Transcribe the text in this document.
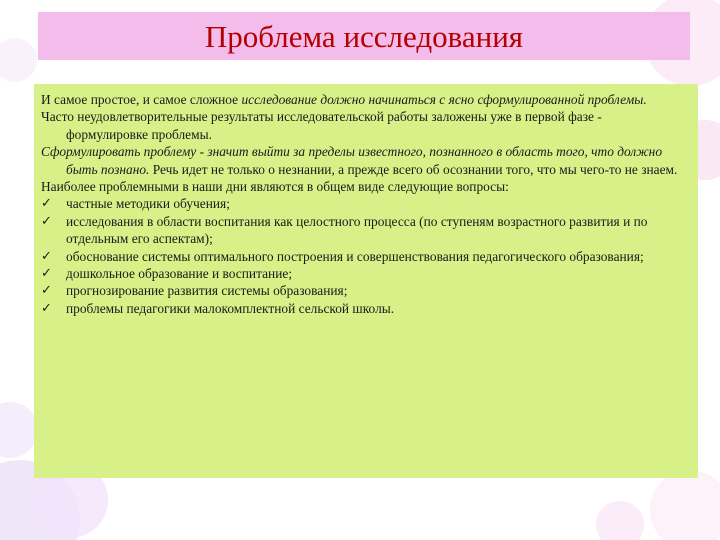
Проблема исследования

И самое простое, и самое сложное исследование должно начинаться с ясно сформулированной проблемы.

Часто неудовлетворительные результаты исследовательской работы заложены уже в первой фазе - формулировке проблемы.

Сформулировать проблему - значит выйти за пределы известного, познанного в область того, что должно быть познано. Речь идет не только о незнании, а прежде всего об осознании того, что мы чего-то не знаем.

Наиболее проблемными в наши дни являются в общем виде следующие вопросы:

✓	частные методики обучения;
✓	исследования в области воспитания как целостного процесса (по ступеням возрастного развития и по отдельным его аспектам);
✓	обоснование системы оптимального построения и совершенствования педагогического образования;
✓	дошкольное образование и воспитание;
✓	прогнозирование развития системы образования;
✓	проблемы педагогики малокомплектной сельской школы.
